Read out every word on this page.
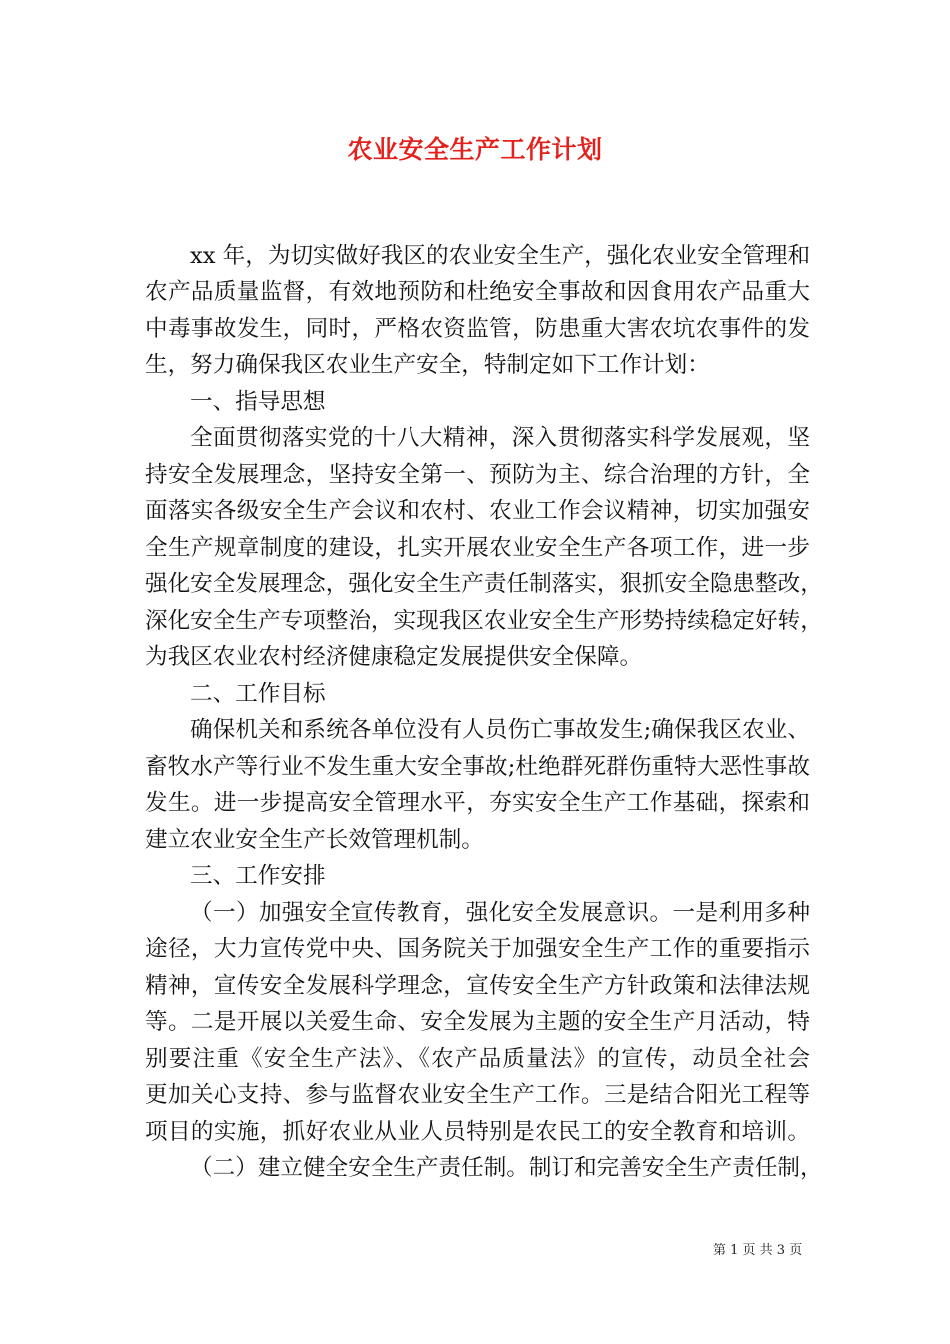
农业安全生产工作计划
xx 年，为切实做好我区的农业安全生产，强化农业安全管理和
农产品质量监督，有效地预防和杜绝安全事故和因食用农产品重大
中毒事故发生，同时，严格农资监管，防患重大害农坑农事件的发
生，努力确保我区农业生产安全，特制定如下工作计划：
一、指导思想
全面贯彻落实党的十八大精神，深入贯彻落实科学发展观，坚
持安全发展理念，坚持安全第一、预防为主、综合治理的方针，全
面落实各级安全生产会议和农村、农业工作会议精神，切实加强安
全生产规章制度的建设，扎实开展农业安全生产各项工作，进一步
强化安全发展理念，强化安全生产责任制落实，狠抓安全隐患整改，
深化安全生产专项整治，实现我区农业安全生产形势持续稳定好转，
为我区农业农村经济健康稳定发展提供安全保障。
二、工作目标
确保机关和系统各单位没有人员伤亡事故发生;确保我区农业、
畜牧水产等行业不发生重大安全事故;杜绝群死群伤重特大恶性事故
发生。进一步提高安全管理水平，夯实安全生产工作基础，探索和
建立农业安全生产长效管理机制。
三、工作安排
（一）加强安全宣传教育，强化安全发展意识。一是利用多种
途径，大力宣传党中央、国务院关于加强安全生产工作的重要指示
精神，宣传安全发展科学理念，宣传安全生产方针政策和法律法规
等。二是开展以关爱生命、安全发展为主题的安全生产月活动，特
别要注重《安全生产法》、《农产品质量法》的宣传，动员全社会
更加关心支持、参与监督农业安全生产工作。三是结合阳光工程等
项目的实施，抓好农业从业人员特别是农民工的安全教育和培训。
（二）建立健全安全生产责任制。制订和完善安全生产责任制，
第 1 页 共 3 页
